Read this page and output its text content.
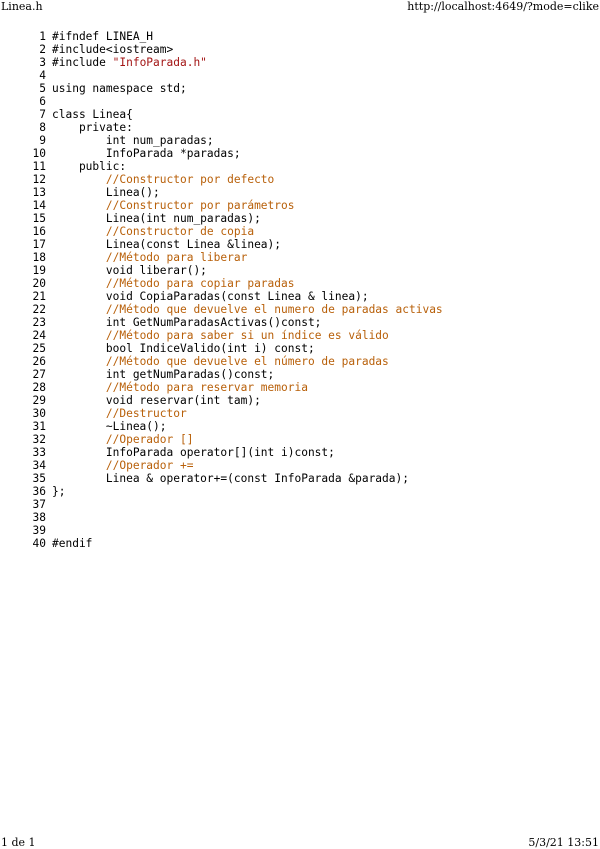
Linea.h	http://localhost:4649/?mode=clike
1 #ifndef LINEA_H
2 #include<iostream>
3 #include "InfoParada.h"
4
5 using namespace std;
6
7 class Linea{
8 private:
9 int num_paradas;
10 InfoParada *paradas;
11 public:
12	//Constructor por defecto
13 Linea();
14	//Constructor por parámetros
15 Linea(int num_paradas);
16	//Constructor de copia
17 Linea(const Linea &linea);
18	//Método para liberar
19 void liberar();
20	//Método para copiar paradas
21 void CopiaParadas(const Linea & linea);
22	//Método que devuelve el numero de paradas activas
23 int GetNumParadasActivas()const;
24	//Método para saber si un índice es válido
25 bool IndiceValido(int i) const;
26	//Método que devuelve el número de paradas
27 int getNumParadas()const;
28	//Método para reservar memoria
29 void reservar(int tam);
30	//Destructor
31 ~Linea();
32	//Operador []
33 InfoParada operator[](int i)const;
34	//Operador +=
35 Linea & operator+=(const InfoParada &parada);
36 };
37
38
39
40 #endif
1 de 1	5/3/21 13:51
